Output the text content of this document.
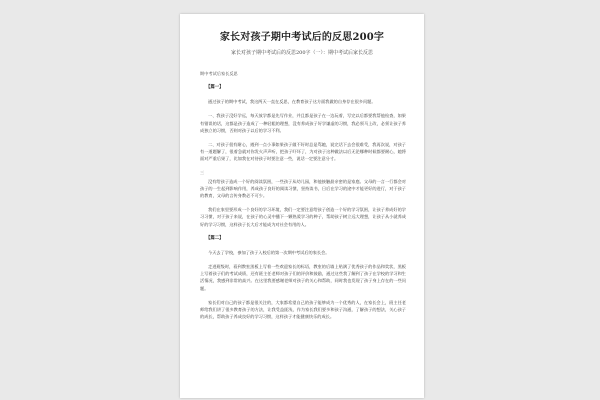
家长对孩子期中考试后的反思200字
家长对孩子期中考试后的反思200字（一）：期中考试后家长反思
期中考试后家长反思
【篇一】

通过孩子的期中考试，我这两天一直在反思，在教育孩子这方面我做的自身存在很多问题。

一、我孩子没好学远，每天放学都是先写作业，并且都是孩子在一边玩着，写完以后都要我帮他检查，如果有错误的话，这都是孩子造成了一种轻粗的理想，没有养成孩子好学谦虚的习惯，我必须马上改，必须让孩子养成独立的习惯，否则对孩子以后的学习不利。

二、对孩子很有耐心，遇到一点小事如果孩子做不好时总是骂她，说完话下去会很难受，我再次说，对孩子有一道题解了，很着急就对你发火声声听，把孩子吓坏了，为对孩子这种做法以后无论哪种时候都要耐心，她将面对严重后果了，比如我在对待孩子时要注意一些，说话一定要注意分寸。

三

没有给孩子造成一个好的阅读氛围，一些孩子从幼儿园，和他接触最亲密的是家庭。父母的一言一行都会对孩子的一生起到影响作用，养成孩子良好的阅读习惯，坚持读书，日后在学习的途中才能更好的进行，对于孩子的教育，父母的言传身教必不可少。

我们在家里要形成一个良好的学习环境，我们一定要注意给孩子创造一个好的学习氛围，让孩子养成好的学习习惯，对于孩子来说，在孩子的心灵中播下一颗热爱学习的种子，帮助孩子树立远大理想，让孩子从小就养成好的学习习惯，这样孩子长大后才能成为对社会有用的人。

【篇二】

今天去了学校，参加了孩子入校后的第一次期中考试后的家长会。

走进班级时，看到教室黑板上写着一些欢迎家长的标语，教室的后墙上贴满了优秀孩子的作品和奖状，黑板上写着孩子们的考试成绩，还有班主任老师对孩子们的评价和鼓励，通过这些我了解到了孩子在学校的学习和生活情况，我感到非常的高兴。在这里我要感谢老师对孩子的关心和帮助，同时我也发现了孩子身上存在的一些问题。

家长们对自己的孩子都是很关注的，大家都希望自己的孩子能够成为一个优秀的人，在家长会上，班主任老师给我们讲了很多教育孩子的方法，让我受益匪浅，作为家长我们要多和孩子沟通，了解孩子的想法，关心孩子的成长，帮助孩子养成良好的学习习惯，这样孩子才能健康快乐的成长。
